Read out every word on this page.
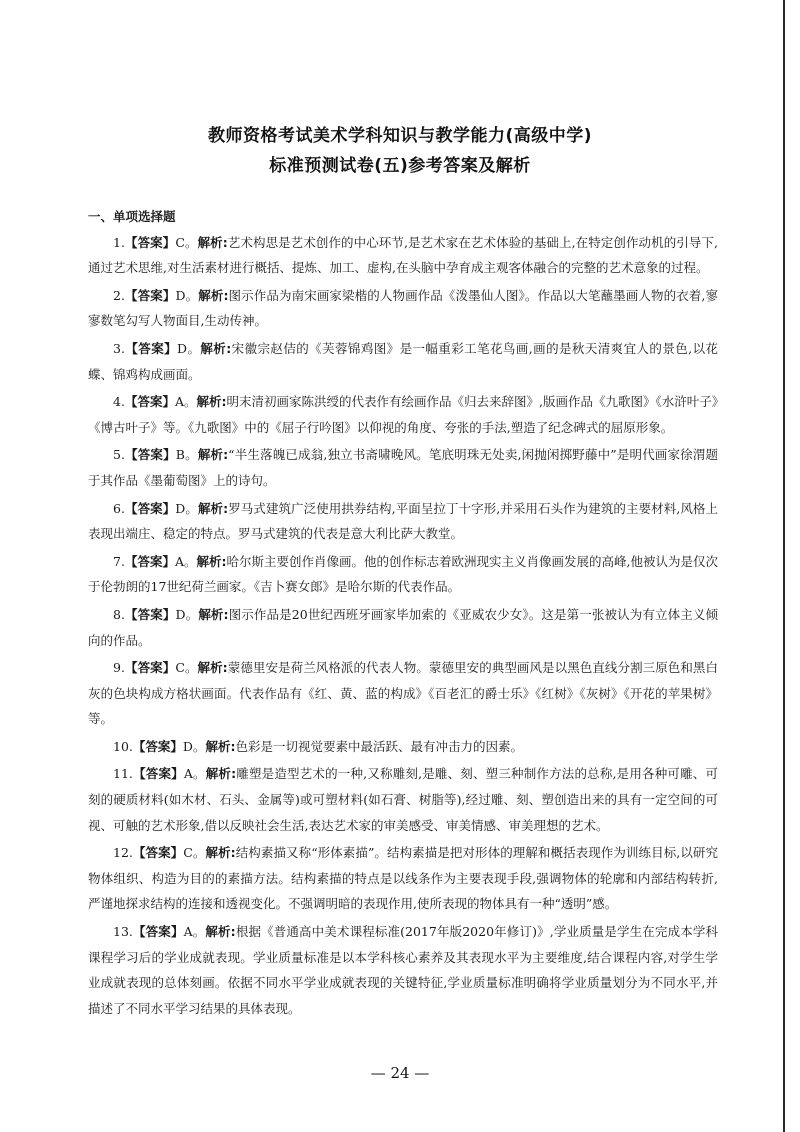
教师资格考试美术学科知识与教学能力(高级中学)
标准预测试卷(五)参考答案及解析
一、单项选择题

1.【答案】C。解析:艺术构思是艺术创作的中心环节,是艺术家在艺术体验的基础上,在特定创作动机的引导下,通过艺术思维,对生活素材进行概括、提炼、加工、虚构,在头脑中孕育成主观客体融合的完整的艺术意象的过程。

2.【答案】D。解析:图示作品为南宋画家梁楷的人物画作品《泼墨仙人图》。作品以大笔蘸墨画人物的衣着,寥寥数笔勾写人物面目,生动传神。

3.【答案】D。解析:宋徽宗赵佶的《芙蓉锦鸡图》是一幅重彩工笔花鸟画,画的是秋天清爽宜人的景色,以花蝶、锦鸡构成画面。

4.【答案】A。解析:明末清初画家陈洪绶的代表作有绘画作品《归去来辞图》,版画作品《九歌图》《水浒叶子》《博古叶子》等。《九歌图》中的《屈子行吟图》以仰视的角度、夸张的手法,塑造了纪念碑式的屈原形象。

5.【答案】B。解析:“半生落魄已成翁,独立书斋啸晚风。笔底明珠无处卖,闲抛闲掷野藤中”是明代画家徐渭题于其作品《墨葡萄图》上的诗句。

6.【答案】D。解析:罗马式建筑广泛使用拱券结构,平面呈拉丁十字形,并采用石头作为建筑的主要材料,风格上表现出端庄、稳定的特点。罗马式建筑的代表是意大利比萨大教堂。

7.【答案】A。解析:哈尔斯主要创作肖像画。他的创作标志着欧洲现实主义肖像画发展的高峰,他被认为是仅次于伦勃朗的17世纪荷兰画家。《吉卜赛女郎》是哈尔斯的代表作品。

8.【答案】D。解析:图示作品是20世纪西班牙画家毕加索的《亚威农少女》。这是第一张被认为有立体主义倾向的作品。

9.【答案】C。解析:蒙德里安是荷兰风格派的代表人物。蒙德里安的典型画风是以黑色直线分割三原色和黑白灰的色块构成方格状画面。代表作品有《红、黄、蓝的构成》《百老汇的爵士乐》《红树》《灰树》《开花的苹果树》等。

10.【答案】D。解析:色彩是一切视觉要素中最活跃、最有冲击力的因素。

11.【答案】A。解析:雕塑是造型艺术的一种,又称雕刻,是雕、刻、塑三种制作方法的总称,是用各种可雕、可刻的硬质材料(如木材、石头、金属等)或可塑材料(如石膏、树脂等),经过雕、刻、塑创造出来的具有一定空间的可视、可触的艺术形象,借以反映社会生活,表达艺术家的审美感受、审美情感、审美理想的艺术。

12.【答案】C。解析:结构素描又称“形体素描”。结构素描是把对形体的理解和概括表现作为训练目标,以研究物体组织、构造为目的的素描方法。结构素描的特点是以线条作为主要表现手段,强调物体的轮廓和内部结构转折,严谨地探求结构的连接和透视变化。不强调明暗的表现作用,使所表现的物体具有一种“透明”感。

13.【答案】A。解析:根据《普通高中美术课程标准(2017年版2020年修订)》,学业质量是学生在完成本学科课程学习后的学业成就表现。学业质量标准是以本学科核心素养及其表现水平为主要维度,结合课程内容,对学生学业成就表现的总体刻画。依据不同水平学业成就表现的关键特征,学业质量标准明确将学业质量划分为不同水平,并描述了不同水平学习结果的具体表现。

— 24 —
